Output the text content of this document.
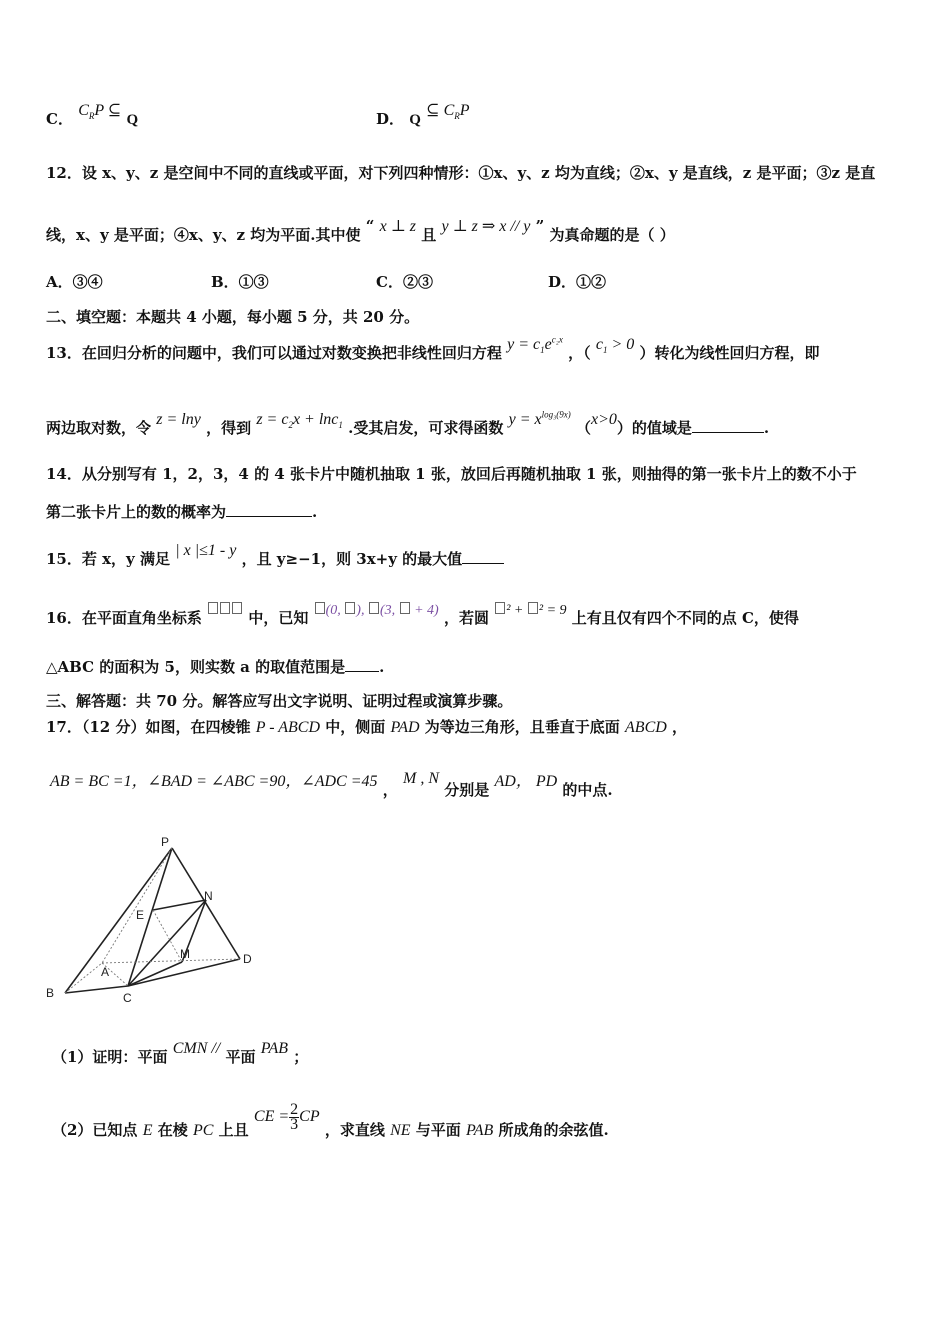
C． $C_RP$ ⊆ Q	D． Q ⊆ $C_RP$
12．设 x、y、z 是空间中不同的直线或平面，对下列四种情形：①x、y、z 均为直线；②x、y 是直线，z 是平面；③z 是直
线，x、y 是平面；④x、y、z 均为平面.其中使 “ x ⊥ z 且 y ⊥ z ⇒ x // y ” 为真命题的是（ ）
A．③④	B．①③	C．②③	D．①②
二、填空题：本题共 4 小题，每小题 5 分，共 20 分。
13．在回归分析的问题中，我们可以通过对数变换把非线性回归方程 $y = c_1e^{c_2x}$ ，（ $c_1 > 0$ ）转化为线性回归方程，即
两边取对数，令 z = lny ，得到 $z = c_2x + \ln c_1$ .受其启发，可求得函数 $y = x^{log_3(9x)}$ （x>0）的值域是	.
14．从分别写有 1，2，3，4 的 4 张卡片中随机抽取 1 张，放回后再随机抽取 1 张，则抽得的第一张卡片上的数不小于
第二张卡片上的数的概率为	.
15．若 x，y 满足 | x |≤1 - y ，且 y≥−1，则 3x+y 的最大值
16．在平面直角坐标系	中，已知 (0, ), (3,  + 4) ，若圆 ² + ² = 9 上有且仅有四个不同的点 C，使得
△ABC 的面积为 5，则实数 a 的取值范围是 .
三、解答题：共 70 分。解答应写出文字说明、证明过程或演算步骤。
17．（12 分）如图，在四棱锥 P - ABCD 中，侧面 PAD 为等边三角形，且垂直于底面 ABCD ，
AB = BC =1，∠BAD = ∠ABC =90，∠ADC =45 ， M , N 分别是 AD， PD 的中点.
P
E
N
M
A
D
B	C
（1）证明：平面 CMN // 平面 PAB ；
（2）已知点 E 在棱 PC 上且 CE = $\frac{2}{3}$ CP ，求直线 NE 与平面 PAB 所成角的余弦值.
